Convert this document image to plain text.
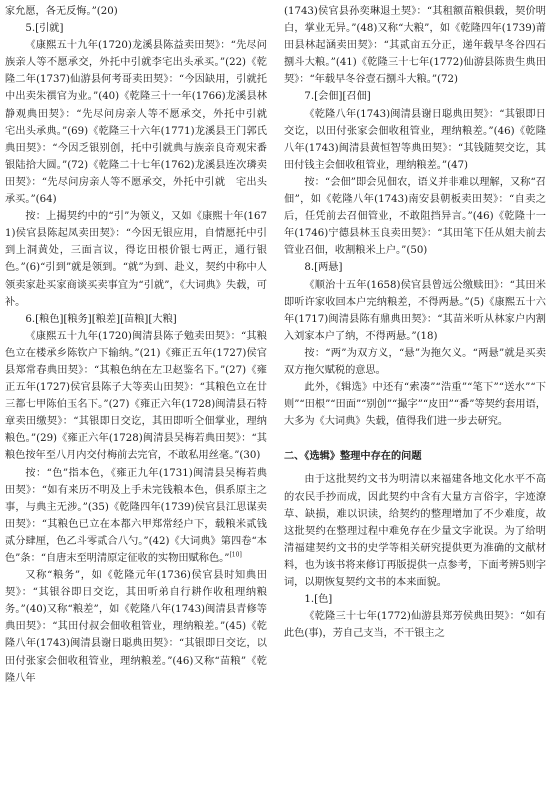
家允愿，各无反悔。”(20)

5.[引就]

《康熙五十九年(1720)龙溪县陈益卖田契》：“先尽问族亲人等不愿承交，外托中引就李宅出头承买。”(22)《乾隆二年(1737)仙游县何考哥卖田契》：“今因缺用，引就托中出卖朱禩官为业。”(40)《乾隆三十一年(1766)龙溪县林静观典田契》：“先尽问房亲人等不愿承交，外托中引就　宅出头承典。”(69)《乾隆三十六年(1771)龙溪县王门郭氏典田契》：“今因乏银别创，托中引就典与族亲良奇观宋番银陆拾大圆。”(72)《乾隆二十七年(1762)龙溪县连次璘卖田契》：“先尽问房亲人等不愿承交，外托中引就　宅出头承买。”(64)

按：上揭契约中的“引”为领义，又如《康熙十年(1671)侯官县陈起凤卖田契》：“今因无银应用，自情愿托中引到上洞黄处，三面言议，得讫田根价银七两正，通行银色。”(6)“引到”就是领到。“就”为到、赴义，契约中称中人领卖家赴买家商谈买卖事宜为“引就”，《大词典》失载，可补。

6.[粮色][粮务][粮差][苗粮][大粮]

《康熙五十九年(1720)闽清县陈子勉卖田契》：“其粮色立在楼承乡陈钦户下输纳。”(21)《雍正五年(1727)侯官县郑常春典田契》：“其粮色纳在左卫赵鉴名下。”(27)《雍正五年(1727)侯官县陈子大等卖山田契》：“其粮色立在廿三都七甲陈伯玉名下。”(27)《雍正六年(1728)闽清县石特章卖田缴契》：“其银即日交讫，其田即听仝佃掌业，理纳粮色。”(29)《雍正六年(1728)闽清县吴梅若典田契》：“其粮色按年至八月内交付梅前去完官，不敢私用丝毫。”(30)

按：“色”指本色，《雍正九年(1731)闽清县吴梅若典田契》：“如有来历不明及上手未完钱粮本色，俱系原主之事，与典主无涉。”(35)《乾隆四年(1739)侯官县江思谋卖田契》：“其粮色已立在本都六甲郑常经户下，载粮米贰钱贰分肆厘，色乙斗零贰合八勺。”(42)《大词典》第四卷“本色”条：“自唐末至明清原定征收的实物田赋称色。”[10]

又称“粮务”，如《乾隆元年(1736)侯官县时知典田契》：“其银谷即日交讫，其田听弟自行耕作收租理纳粮务。”(40)又称“粮差”，如《乾隆八年(1743)闽清县青修等典田契》：“其田付叔会佃收租管业，理纳粮差。”(45)《乾隆八年(1743)闽清县谢日聪典田契》：“其银即日交讫，以田付张家会佃收租管业，理纳粮差。”(46)又称“苗粮”《乾隆八年

(1743)侯官县孙奕琳退土契》：“其租额苗粮俱载，契价明白，掌业无异。”(48)又称“大粮”，如《乾隆四年(1739)莆田县林起涵卖田契》：“其贰亩五分正，递年载早冬谷四石捌斗大粮。”(41)《乾隆三十七年(1772)仙游县陈贵生典田契》：“年载早冬谷壹石捌斗大粮。”(72)

7.[会佃][召佃]

《乾隆八年(1743)闽清县谢日聪典田契》：“其银即日交讫，以田付张家会佃收租管业，理纳粮差。”(46)《乾隆八年(1743)闽清县黄恒智等典田契》：“其钱随契交讫，其田付钱主会佃收租管业，理纳粮差。”(47)

按：“会佃”即会见佃农，语义并非难以理解，又称“召佃”，如《乾隆八年(1743)南安县朝板卖田契》：“自卖之后，任凭前去召佃管业，不敢阻挡异言。”(46)《乾隆十一年(1746)宁德县林玉良卖田契》：“其田笔下任从姐夫前去管业召佃，收割粮米上户。”(50)

8.[两悬]

《顺治十五年(1658)侯官县曾远公缴赎田》：“其田米即听许家收回本户完纳粮差，不得两悬。”(5)《康熙五十六年(1717)闽清县陈有鼎典田契》：“其苗米听从林家户内割入刘家本户了纳，不得两悬。”(18)

按：“两”为双方义，“悬”为拖欠义。“两悬”就是买卖双方拖欠赋税的意思。

此外，《辑选》中还有“索凑”“浩重”“笔下”“送水”“下则”“田根”“田面”“别创”“撮字”“皮田”“番”等契约套用语，大多为《大词典》失载，值得我们进一步去研究。

二、《选辑》整理中存在的问题

由于这批契约文书为明清以来福建各地文化水平不高的农民手抄而成，因此契约中含有大量方言俗字，字迹潦草、缺损，难以识读，给契约的整理增加了不少难度，故这批契约在整理过程中难免存在少量文字讹误。为了给明清福建契约文书的史学等相关研究提供更为准确的文献材料，也为该书将来修订再版提供一点参考，下面考辨5则字词，以期恢复契约文书的本来面貌。

1.[色]

《乾隆三十七年(1772)仙游县郑芳侯典田契》：“如有此色(事)，芳自己支当，不干银主之
